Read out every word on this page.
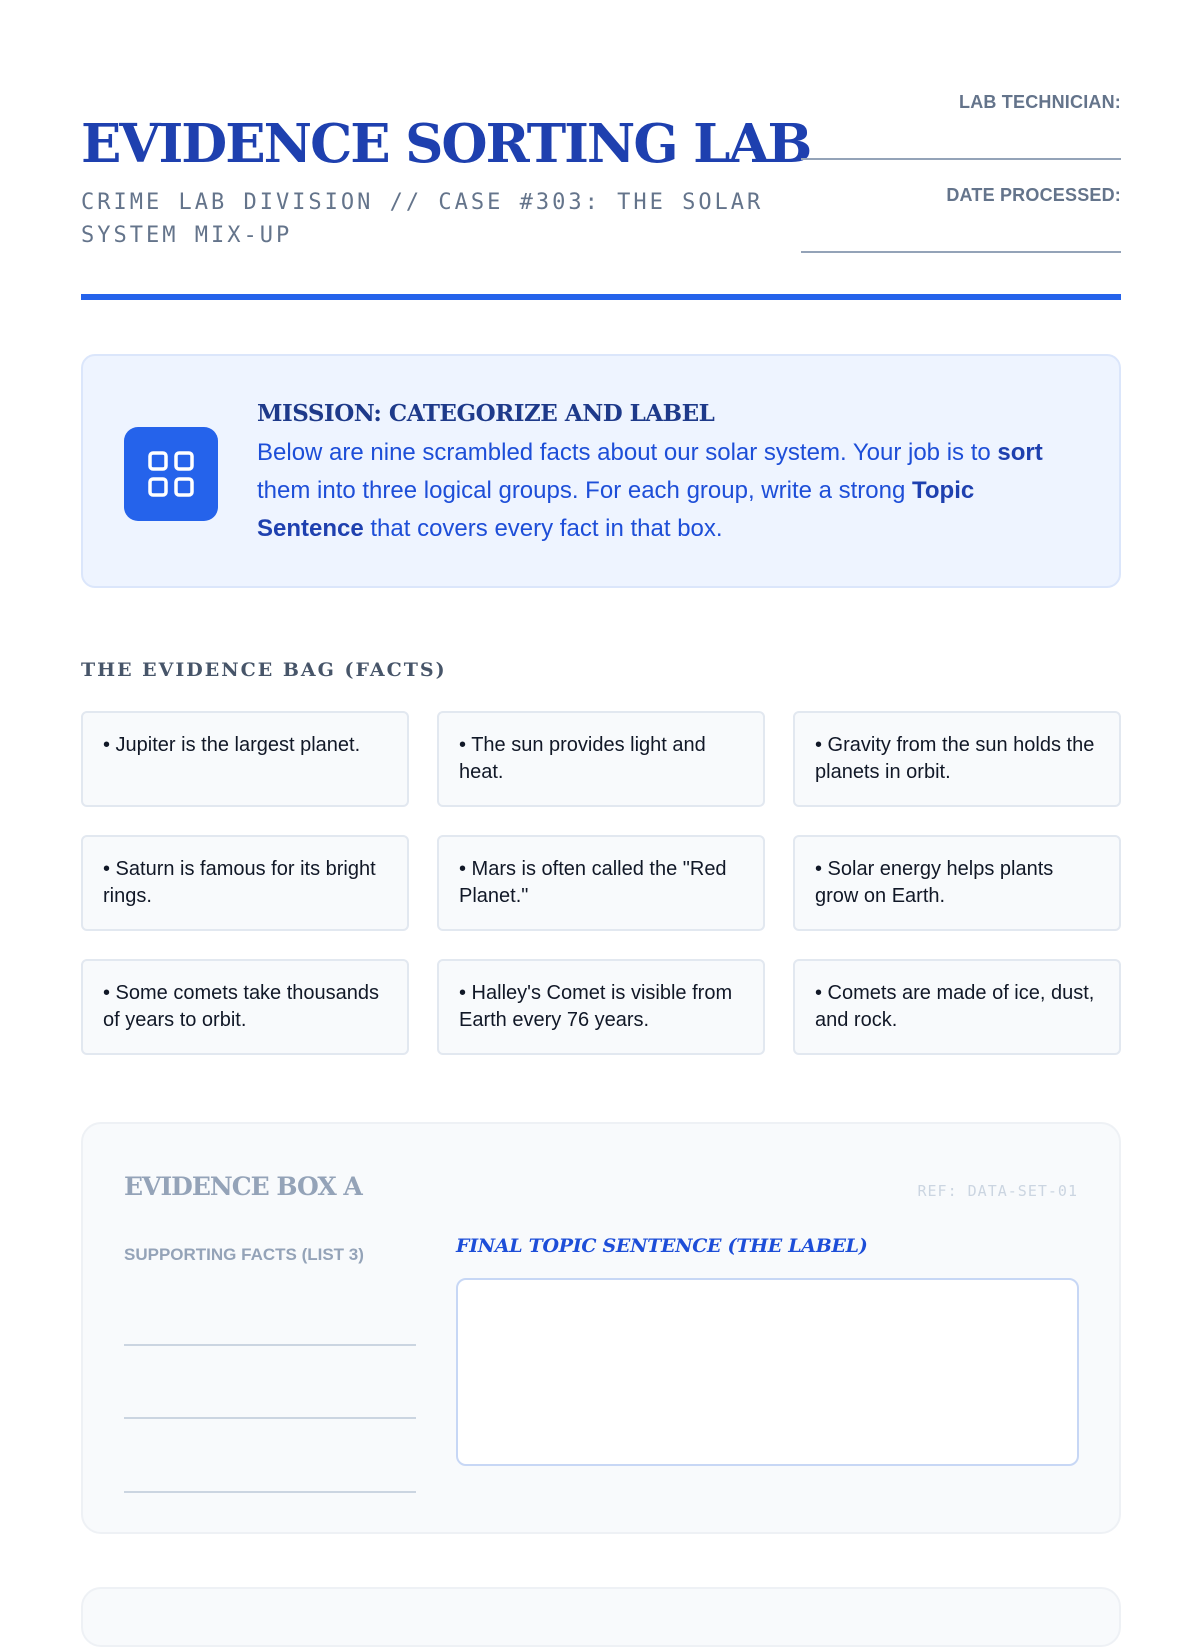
EVIDENCE SORTING LAB
CRIME LAB DIVISION // CASE #303: THE SOLAR SYSTEM MIX-UP
LAB TECHNICIAN:
DATE PROCESSED:
MISSION: CATEGORIZE AND LABEL

Below are nine scrambled facts about our solar system. Your job is to sort them into three logical groups. For each group, write a strong Topic Sentence that covers every fact in that box.

THE EVIDENCE BAG (FACTS)
• Jupiter is the largest planet.	• The sun provides light and heat.
• Gravity from the sun holds the planets in orbit.
• Saturn is famous for its bright rings.
• Mars is often called the "Red Planet."
• Solar energy helps plants grow on Earth.
• Some comets take thousands of years to orbit.
• Halley's Comet is visible from Earth every 76 years.
• Comets are made of ice, dust, and rock.
EVIDENCE BOX A	REF: DATA-SET-01
SUPPORTING FACTS (LIST 3)	FINAL TOPIC SENTENCE (THE LABEL)
